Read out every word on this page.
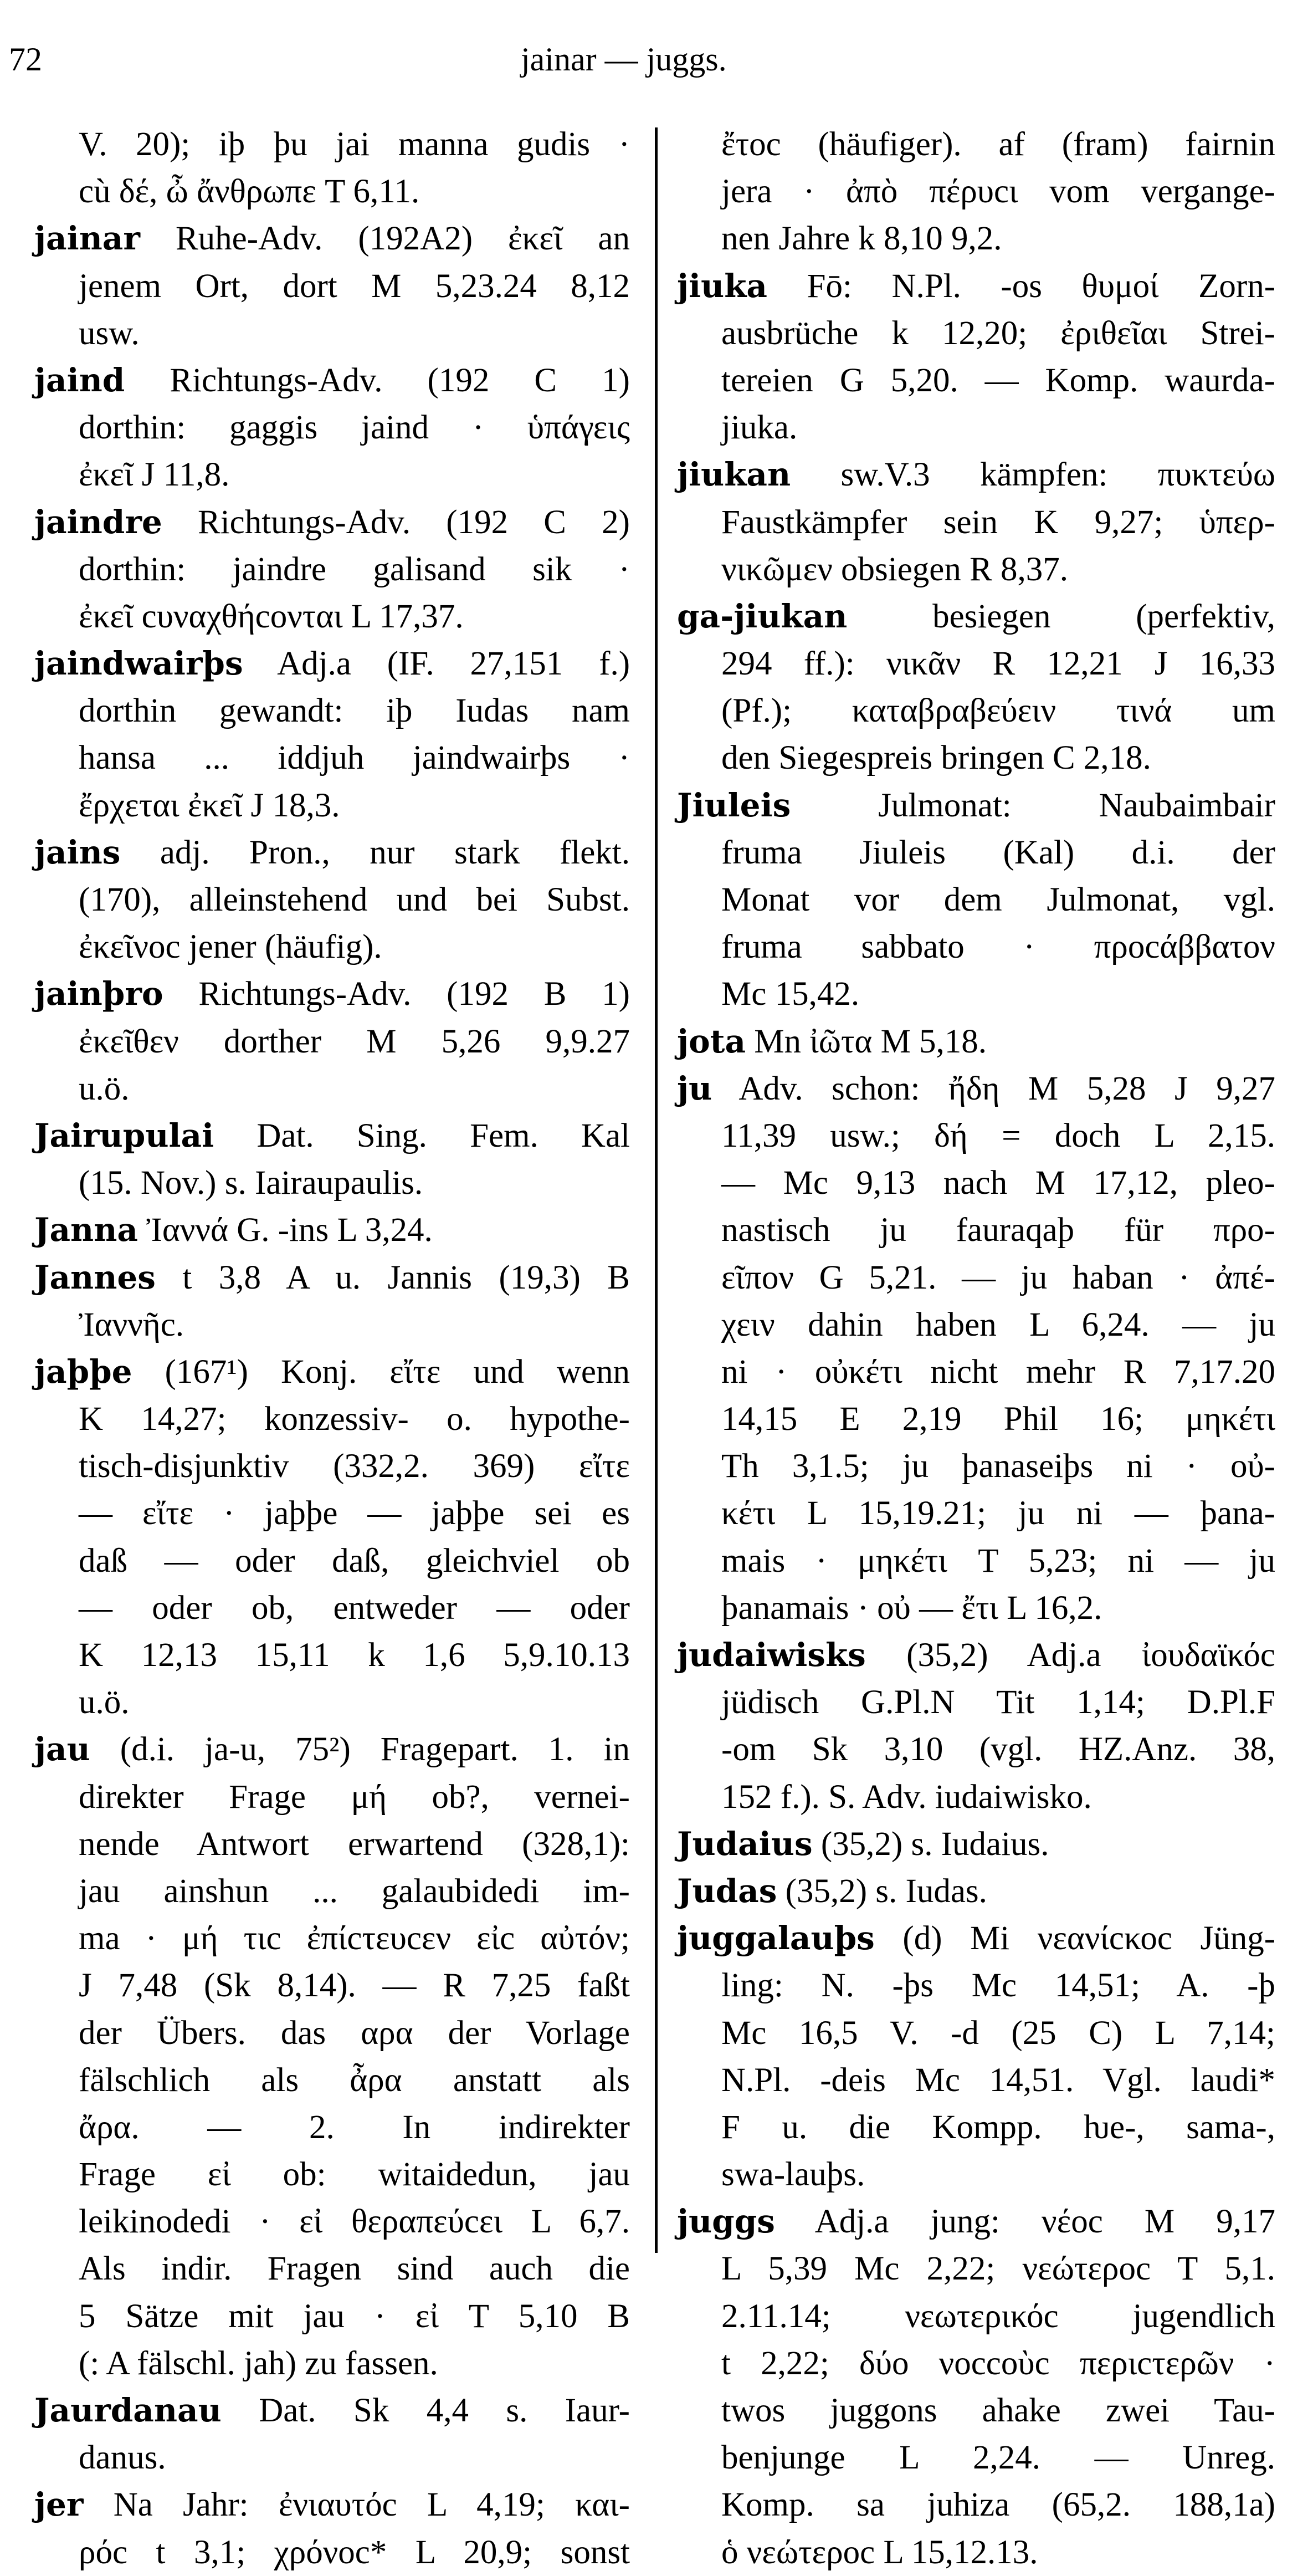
72	jainar — juggs.
V. 20); iþ þu jai manna gudis ·
cù δέ, ὦ ἄνθρωπε T 6,11.
jainar Ruhe-Adv. (192A2) ἐκεῖ an
jenem Ort, dort M 5,23.24 8,12
usw.
jaind Richtungs-Adv. (192 C 1)
dorthin: gaggis jaind · ὑπάγεις
ἐκεῖ J 11,8.
jaindre Richtungs-Adv. (192 C 2)
dorthin: jaindre galisand sik ·
ἐκεῖ cυναχθήcονται L 17,37.
jaindwairþs Adj.a (IF. 27,151 f.)
dorthin gewandt: iþ Iudas nam
hansa ... iddjuh jaindwairþs ·
ἔρχεται ἐκεῖ J 18,3.
jains adj. Pron., nur stark flekt.
(170), alleinstehend und bei Subst.
ἐκεῖνοc jener (häufig).
jainþro Richtungs-Adv. (192 B 1)
ἐκεῖθεν dorther M 5,26 9,9.27
u.ö.
Jairupulai Dat. Sing. Fem. Kal
(15. Nov.) s. Iairaupaulis.
Janna Ἰαννά G. -ins L 3,24.
Jannes t 3,8 A u. Jannis (19,3) B
Ἰαννῆc.
jaþþe (167¹) Konj. εἴτε und wenn
K 14,27; konzessiv- o. hypothe-
tisch-disjunktiv (332,2. 369) εἴτε
— εἴτε · jaþþe — jaþþe sei es
daß — oder daß, gleichviel ob
— oder ob, entweder — oder
K 12,13 15,11 k 1,6 5,9.10.13
u.ö.
jau (d.i. ja-u, 75²) Fragepart. 1. in
direkter Frage μή ob?, vernei-
nende Antwort erwartend (328,1):
jau ainshun ... galaubidedi im-
ma · μή τιc ἐπίcτευcεν εἰc αὐτόν;
J 7,48 (Sk 8,14). — R 7,25 faßt
der Übers. das αρα der Vorlage
fälschlich als ἆρα anstatt als
ἄρα. — 2. In indirekter
Frage εἰ ob: witaidedun, jau
leikinodedi · εἰ θεραπεύcει L 6,7.
Als indir. Fragen sind auch die
5 Sätze mit jau · εἰ T 5,10 B
(: A fälschl. jah) zu fassen.
Jaurdanau Dat. Sk 4,4 s. Iaur-
danus.
jer Na Jahr: ἐνιαυτόc L 4,19; και-
ρόc t 3,1; χρόνοc* L 20,9; sonst
ἔτοc (häufiger). af (fram) fairnin
jera · ἀπὸ πέρυcι vom vergange-
nen Jahre k 8,10 9,2.
jiuka Fō: N.Pl. -os θυμοί Zorn-
ausbrüche k 12,20; ἐριθεῖαι Strei-
tereien G 5,20. — Komp. waurda-
jiuka.
jiukan sw.V.3 kämpfen: πυκτεύω
Faustkämpfer sein K 9,27; ὑπερ-
νικῶμεν obsiegen R 8,37.
ga-jiukan	besiegen (perfektiv,
294 ff.): νικᾶν R 12,21 J 16,33
(Pf.); καταβραβεύειν τινά um
den Siegespreis bringen C 2,18.
Jiuleis	Julmonat: Naubaimbair
fruma Jiuleis (Kal) d.i. der
Monat vor dem Julmonat, vgl.
fruma sabbato · προcάββατον
Mc 15,42.
jota Mn ἰῶτα M 5,18.
ju Adv. schon: ἤδη M 5,28 J 9,27
11,39 usw.; δή = doch L 2,15.
— Mc 9,13 nach M 17,12, pleo-
nastisch ju fauraqaþ für προ-
εῖπον G 5,21. — ju haban · ἀπέ-
χειν dahin haben L 6,24. — ju
ni · οὐκέτι nicht mehr R 7,17.20
14,15 E 2,19 Phil 16; μηκέτι
Th 3,1.5; ju þanaseiþs ni · οὐ-
κέτι L 15,19.21; ju ni — þana-
mais · μηκέτι T 5,23; ni — ju
þanamais · οὐ — ἔτι L 16,2.
judaiwisks (35,2) Adj.a ἰουδαϊκόc
jüdisch G.Pl.N Tit 1,14; D.Pl.F
-om Sk 3,10 (vgl. HZ.Anz. 38,
152 f.). S. Adv. iudaiwisko.
Judaius (35,2) s. Iudaius.
Judas (35,2) s. Iudas.
juggalauþs (d) Mi νεανίcκοc Jüng-
ling: N. -þs Mc 14,51; A. -þ
Mc 16,5 V. -d (25 C) L 7,14;
N.Pl. -deis Mc 14,51. Vgl. laudi*
F u. die Kompp. ƕe-, sama-,
swa-lauþs.
juggs Adj.a jung: νέοc M 9,17
L 5,39 Mc 2,22; νεώτεροc T 5,1.
2.11.14; νεωτερικόc jugendlich
t 2,22; δύο νοccοὺc περιcτερῶν ·
twos juggons ahake zwei Tau-
benjunge L 2,24. — Unreg.
Komp. sa juhiza (65,2. 188,1a)
ὁ νεώτεροc L 15,12.13.
